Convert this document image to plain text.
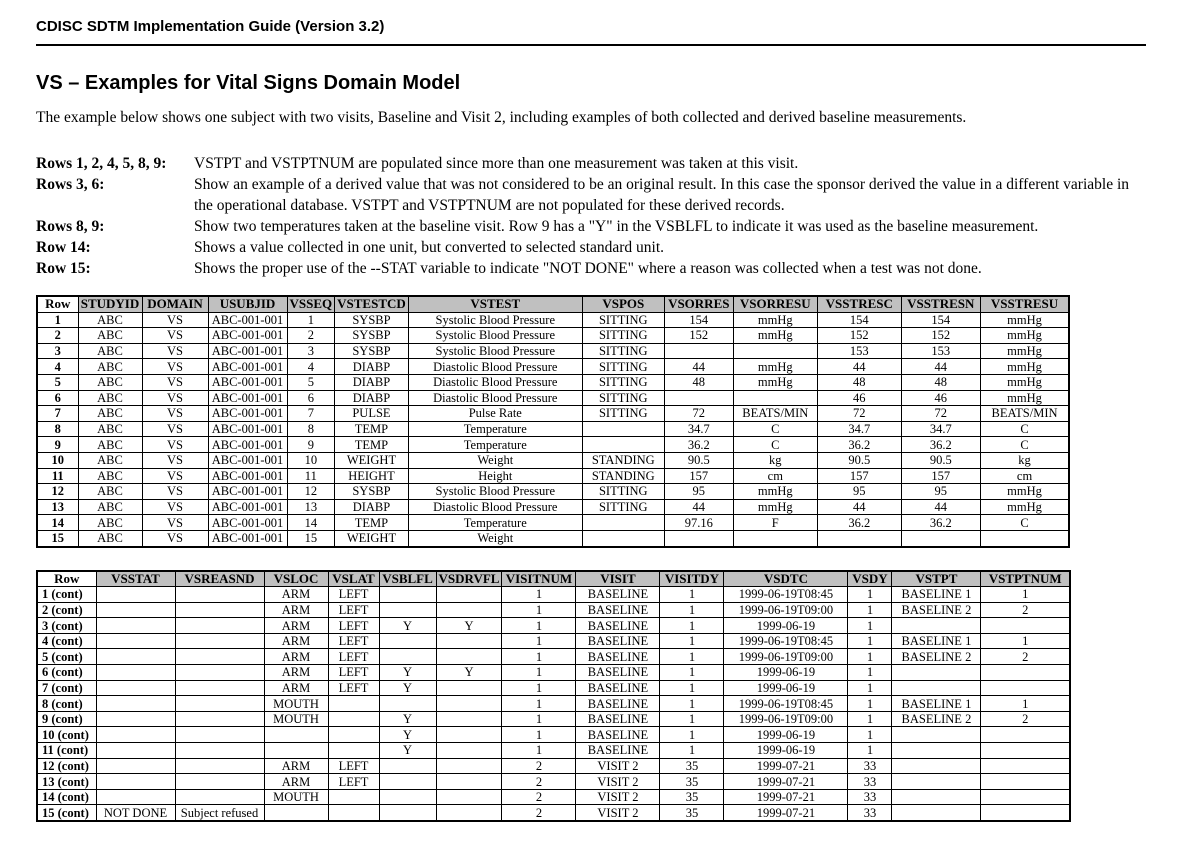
CDISC SDTM Implementation Guide (Version 3.2)
VS – Examples for Vital Signs Domain Model

The example below shows one subject with two visits, Baseline and Visit 2, including examples of both collected and derived baseline measurements.

Rows 1, 2, 4, 5, 8, 9:	VSTPT and VSTPTNUM are populated since more than one measurement was taken at this visit.
Rows 3, 6:	Show an example of a derived value that was not considered to be an original result. In this case the sponsor derived the value in a different variable in the operational database. VSTPT and VSTPTNUM are not populated for these derived records.
Rows 8, 9:	Show two temperatures taken at the baseline visit. Row 9 has a "Y" in the VSBLFL to indicate it was used as the baseline measurement.
Row 14:	Shows a value collected in one unit, but converted to selected standard unit.
Row 15:	Shows the proper use of the --STAT variable to indicate "NOT DONE" where a reason was collected when a test was not done.
Row	STUDYID	DOMAIN	USUBJID	VSSEQ	VSTESTCD	VSTEST	VSPOS	VSORRES	VSORRESU	VSSTRESC	VSSTRESN	VSSTRESU
1	ABC	VS	ABC-001-001	1	SYSBP	Systolic Blood Pressure	SITTING	154	mmHg	154	154	mmHg
2	ABC	VS	ABC-001-001	2	SYSBP	Systolic Blood Pressure	SITTING	152	mmHg	152	152	mmHg
3	ABC	VS	ABC-001-001	3	SYSBP	Systolic Blood Pressure	SITTING			153	153	mmHg
4	ABC	VS	ABC-001-001	4	DIABP	Diastolic Blood Pressure	SITTING	44	mmHg	44	44	mmHg
5	ABC	VS	ABC-001-001	5	DIABP	Diastolic Blood Pressure	SITTING	48	mmHg	48	48	mmHg
6	ABC	VS	ABC-001-001	6	DIABP	Diastolic Blood Pressure	SITTING			46	46	mmHg
7	ABC	VS	ABC-001-001	7	PULSE	Pulse Rate	SITTING	72	BEATS/MIN	72	72	BEATS/MIN
8	ABC	VS	ABC-001-001	8	TEMP	Temperature		34.7	C	34.7	34.7	C
9	ABC	VS	ABC-001-001	9	TEMP	Temperature		36.2	C	36.2	36.2	C
10	ABC	VS	ABC-001-001	10	WEIGHT	Weight	STANDING	90.5	kg	90.5	90.5	kg
11	ABC	VS	ABC-001-001	11	HEIGHT	Height	STANDING	157	cm	157	157	cm
12	ABC	VS	ABC-001-001	12	SYSBP	Systolic Blood Pressure	SITTING	95	mmHg	95	95	mmHg
13	ABC	VS	ABC-001-001	13	DIABP	Diastolic Blood Pressure	SITTING	44	mmHg	44	44	mmHg
14	ABC	VS	ABC-001-001	14	TEMP	Temperature		97.16	F	36.2	36.2	C
15	ABC	VS	ABC-001-001	15	WEIGHT	Weight						
Row	VSSTAT	VSREASND	VSLOC	VSLAT	VSBLFL	VSDRVFL	VISITNUM	VISIT	VISITDY	VSDTC	VSDY	VSTPT	VSTPTNUM
1 (cont)			ARM	LEFT			1	BASELINE	1	1999-06-19T08:45	1	BASELINE 1	1
2 (cont)			ARM	LEFT			1	BASELINE	1	1999-06-19T09:00	1	BASELINE 2	2
3 (cont)			ARM	LEFT	Y	Y	1	BASELINE	1	1999-06-19	1		
4 (cont)			ARM	LEFT			1	BASELINE	1	1999-06-19T08:45	1	BASELINE 1	1
5 (cont)			ARM	LEFT			1	BASELINE	1	1999-06-19T09:00	1	BASELINE 2	2
6 (cont)			ARM	LEFT	Y	Y	1	BASELINE	1	1999-06-19	1		
7 (cont)			ARM	LEFT	Y		1	BASELINE	1	1999-06-19	1		
8 (cont)			MOUTH				1	BASELINE	1	1999-06-19T08:45	1	BASELINE 1	1
9 (cont)			MOUTH		Y		1	BASELINE	1	1999-06-19T09:00	1	BASELINE 2	2
10 (cont)					Y		1	BASELINE	1	1999-06-19	1		
11 (cont)					Y		1	BASELINE	1	1999-06-19	1		
12 (cont)			ARM	LEFT			2	VISIT 2	35	1999-07-21	33		
13 (cont)			ARM	LEFT			2	VISIT 2	35	1999-07-21	33		
14 (cont)			MOUTH				2	VISIT 2	35	1999-07-21	33		
15 (cont)	NOT DONE	Subject refused					2	VISIT 2	35	1999-07-21	33		
